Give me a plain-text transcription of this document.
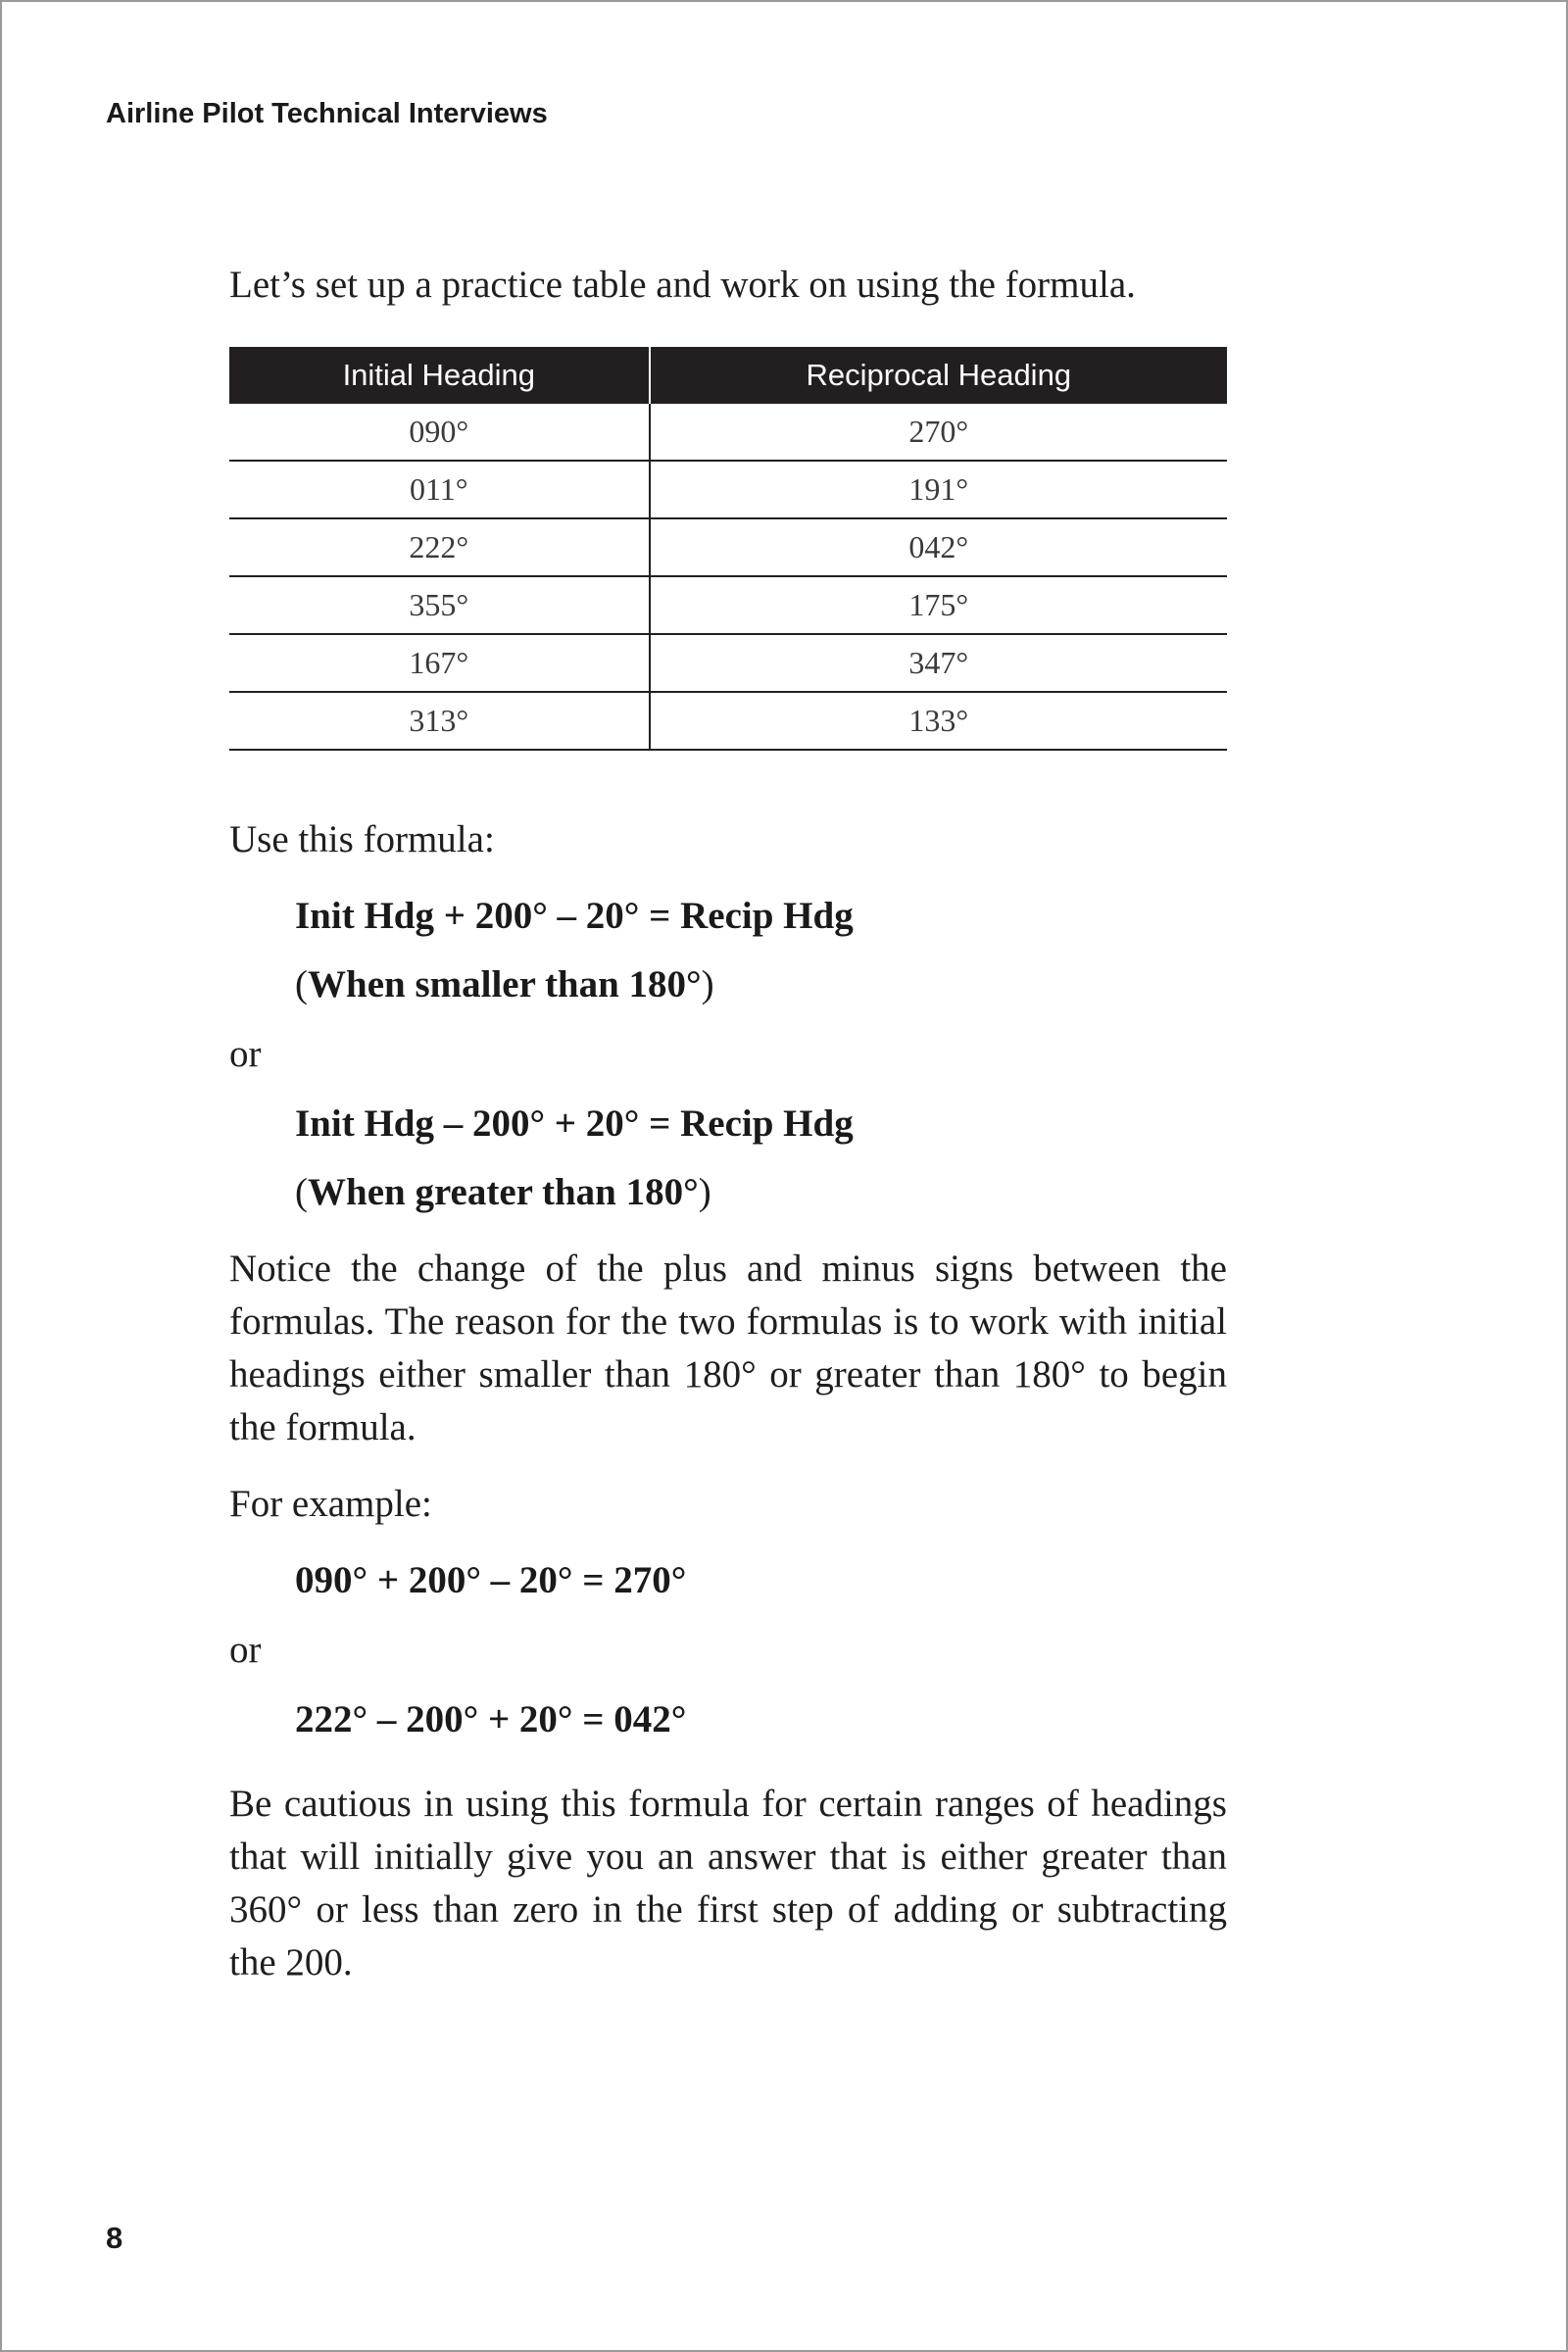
Airline Pilot Technical Interviews

Let’s set up a practice table and work on using the formula.

Initial Heading	Reciprocal Heading
090°	270°
011°	191°
222°	042°
355°	175°
167°	347°
313°	133°

Use this formula:

Init Hdg + 200° – 20° = Recip Hdg

(When smaller than 180°)

or

Init Hdg – 200° + 20° = Recip Hdg

(When greater than 180°)

Notice the change of the plus and minus signs between the formulas. The reason for the two formulas is to work with initial headings either smaller than 180° or greater than 180° to begin the formula.

For example:

090° + 200° – 20° = 270°

or

222° – 200° + 20° = 042°

Be cautious in using this formula for certain ranges of headings that will initially give you an answer that is either greater than 360° or less than zero in the first step of adding or subtracting the 200.

8
